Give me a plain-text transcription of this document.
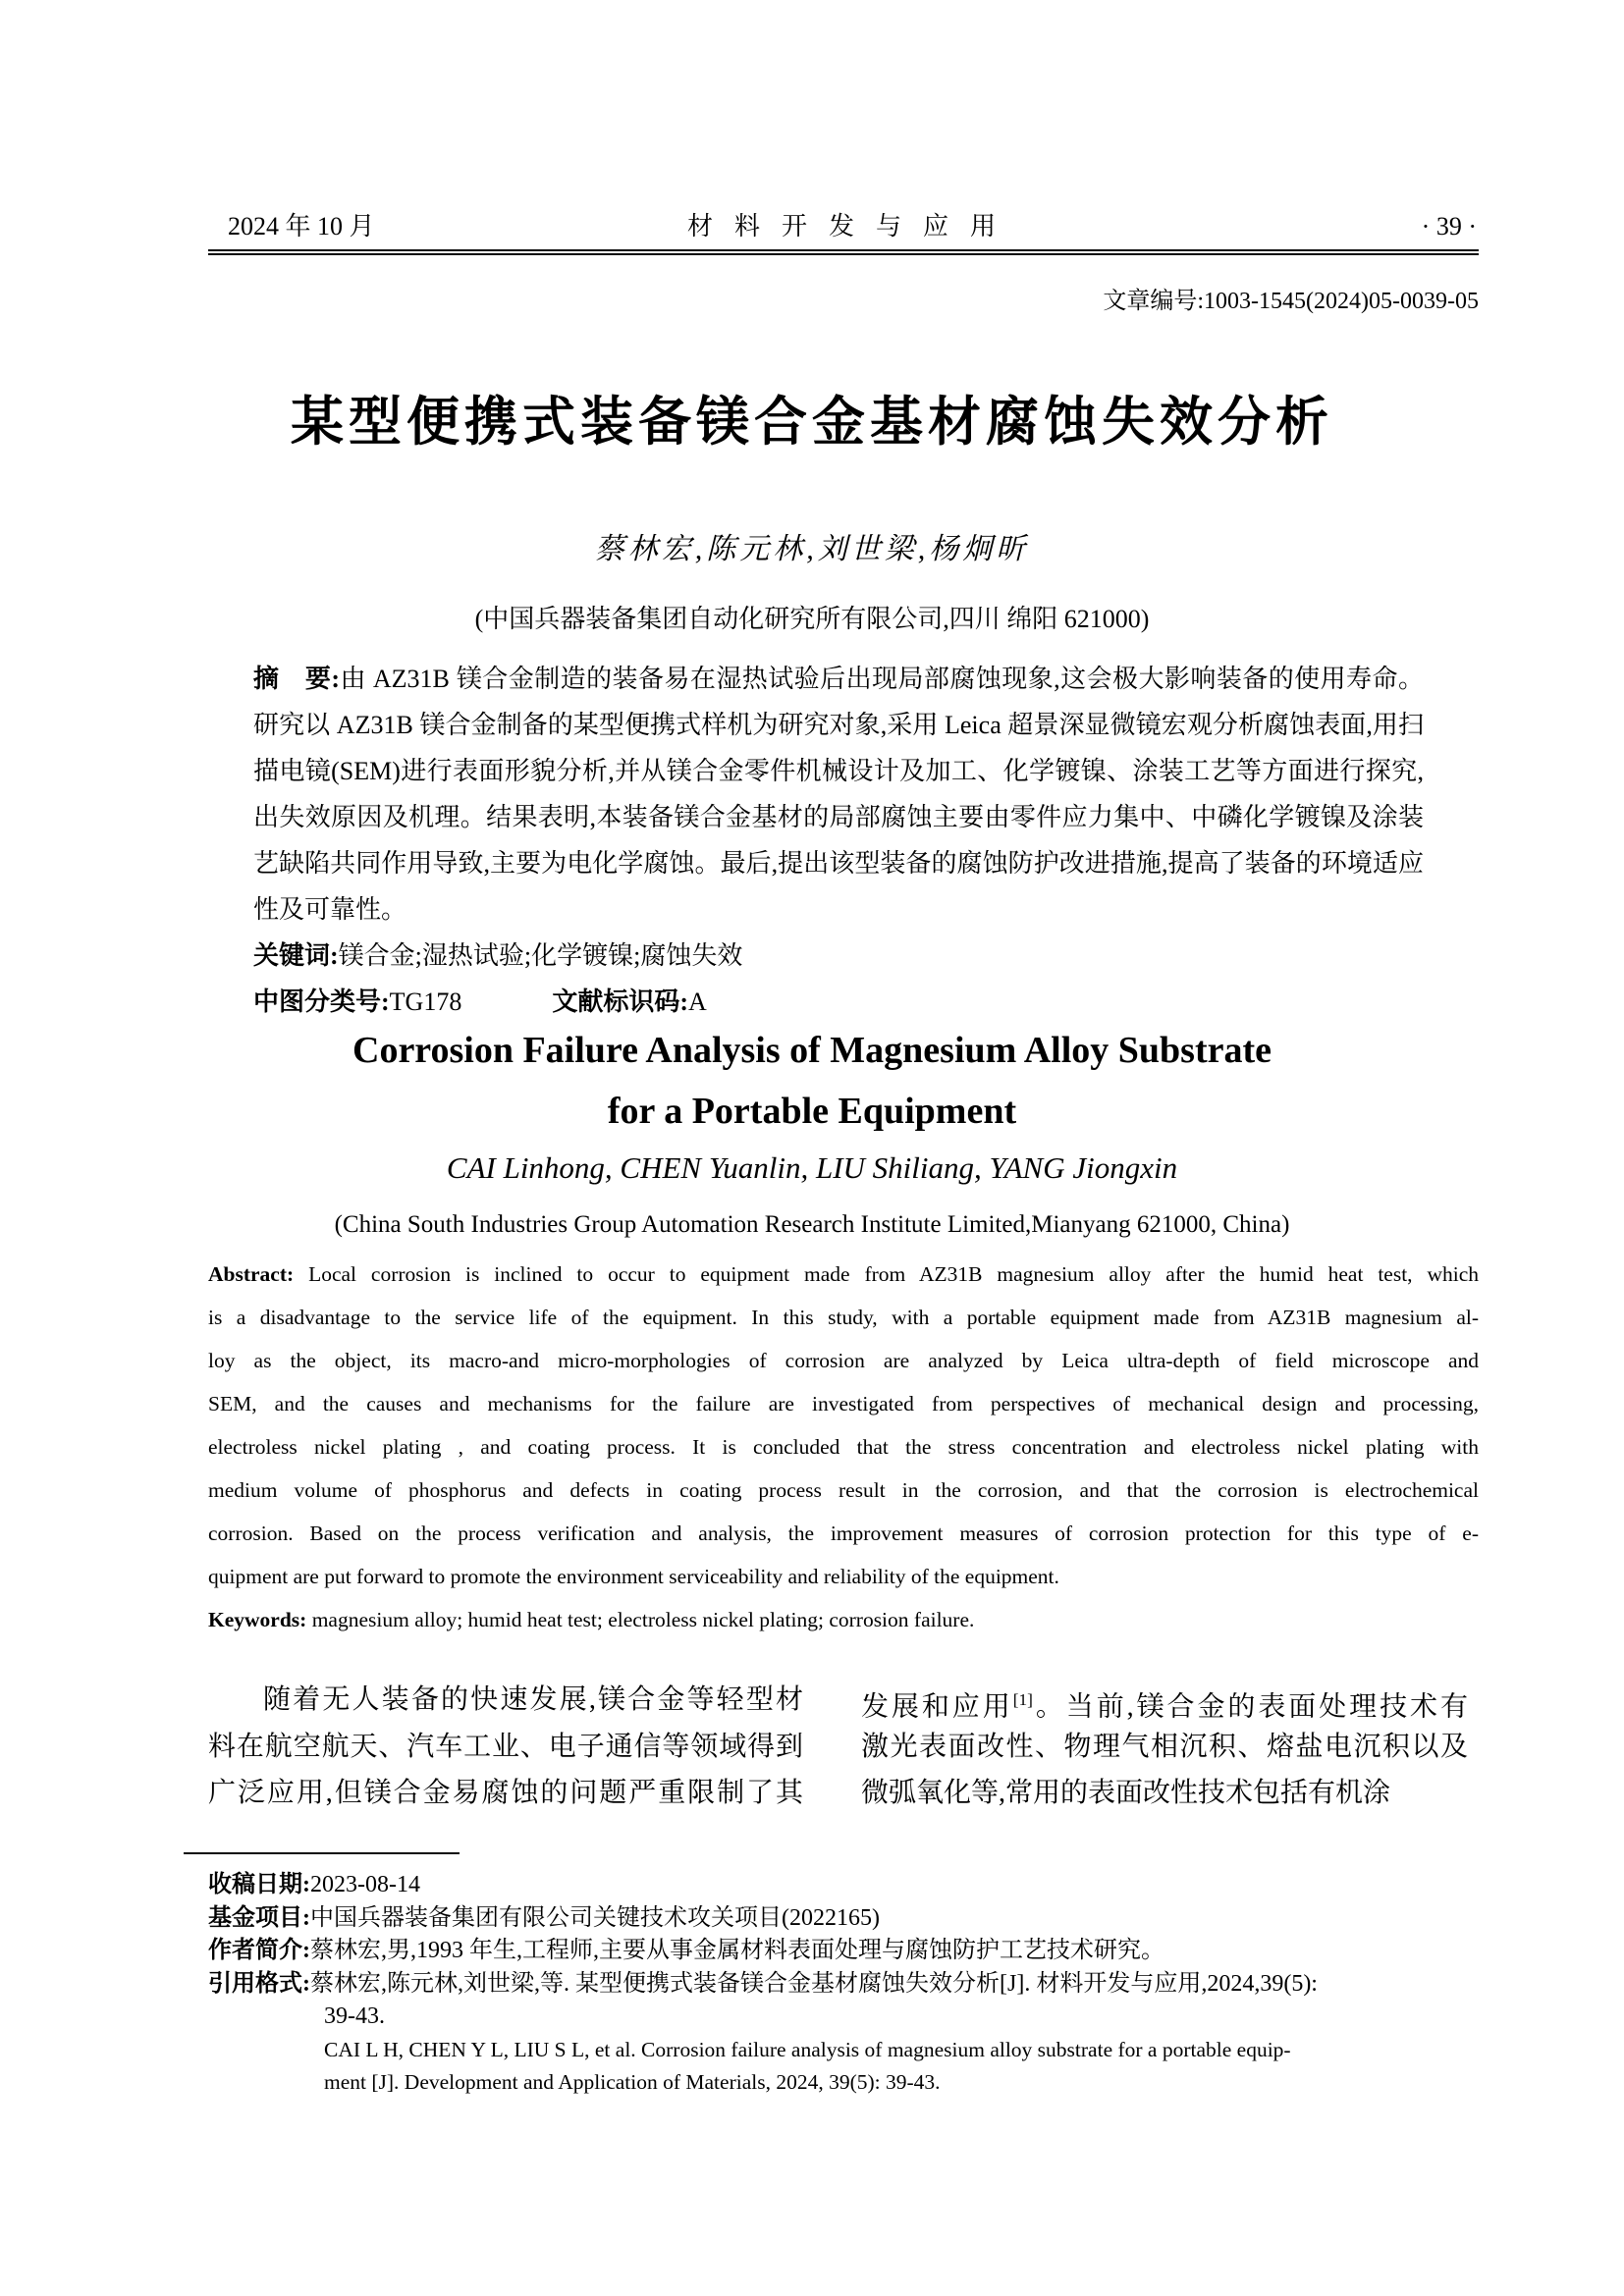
2024 年 10 月	材料开发与应用	· 39 ·
文章编号:1003-1545(2024)05-0039-05
某型便携式装备镁合金基材腐蚀失效分析
蔡林宏,陈元林,刘世梁,杨炯昕
(中国兵器装备集团自动化研究所有限公司,四川 绵阳 621000)
摘　要:由 AZ31B 镁合金制造的装备易在湿热试验后出现局部腐蚀现象,这会极大影响装备的使用寿命。
研究以 AZ31B 镁合金制备的某型便携式样机为研究对象,采用 Leica 超景深显微镜宏观分析腐蚀表面,用扫
描电镜(SEM)进行表面形貌分析,并从镁合金零件机械设计及加工、化学镀镍、涂装工艺等方面进行探究,
出失效原因及机理。结果表明,本装备镁合金基材的局部腐蚀主要由零件应力集中、中磷化学镀镍及涂装
艺缺陷共同作用导致,主要为电化学腐蚀。最后,提出该型装备的腐蚀防护改进措施,提高了装备的环境适应
性及可靠性。
关键词:镁合金;湿热试验;化学镀镍;腐蚀失效
中图分类号:TG178	文献标识码:A
Corrosion Failure Analysis of Magnesium Alloy Substrate
for a Portable Equipment
CAI Linhong, CHEN Yuanlin, LIU Shiliang, YANG Jiongxin
(China South Industries Group Automation Research Institute Limited,Mianyang 621000, China)
Abstract: Local corrosion is inclined to occur to equipment made from AZ31B magnesium alloy after the humid heat test, which
is a disadvantage to the service life of the equipment. In this study, with a portable equipment made from AZ31B magnesium al-
loy as the object, its macro-and micro-morphologies of corrosion are analyzed by Leica ultra-depth of field microscope and
SEM, and the causes and mechanisms for the failure are investigated from perspectives of mechanical design and processing,
electroless nickel plating , and coating process. It is concluded that the stress concentration and electroless nickel plating with
medium volume of phosphorus and defects in coating process result in the corrosion, and that the corrosion is electrochemical
corrosion. Based on the process verification and analysis, the improvement measures of corrosion protection for this type of e-
quipment are put forward to promote the environment serviceability and reliability of the equipment.
Keywords: magnesium alloy; humid heat test; electroless nickel plating; corrosion failure.
随着无人装备的快速发展,镁合金等轻型材
料在航空航天、汽车工业、电子通信等领域得到
广泛应用,但镁合金易腐蚀的问题严重限制了其
发展和应用[1]。当前,镁合金的表面处理技术有
激光表面改性、物理气相沉积、熔盐电沉积以及
微弧氧化等,常用的表面改性技术包括有机涂
收稿日期:2023-08-14
基金项目:中国兵器装备集团有限公司关键技术攻关项目(2022165)
作者简介:蔡林宏,男,1993 年生,工程师,主要从事金属材料表面处理与腐蚀防护工艺技术研究。
引用格式:蔡林宏,陈元林,刘世梁,等. 某型便携式装备镁合金基材腐蚀失效分析[J]. 材料开发与应用,2024,39(5):
39-43.
CAI L H, CHEN Y L, LIU S L, et al. Corrosion failure analysis of magnesium alloy substrate for a portable equip-
ment [J]. Development and Application of Materials, 2024, 39(5): 39-43.
